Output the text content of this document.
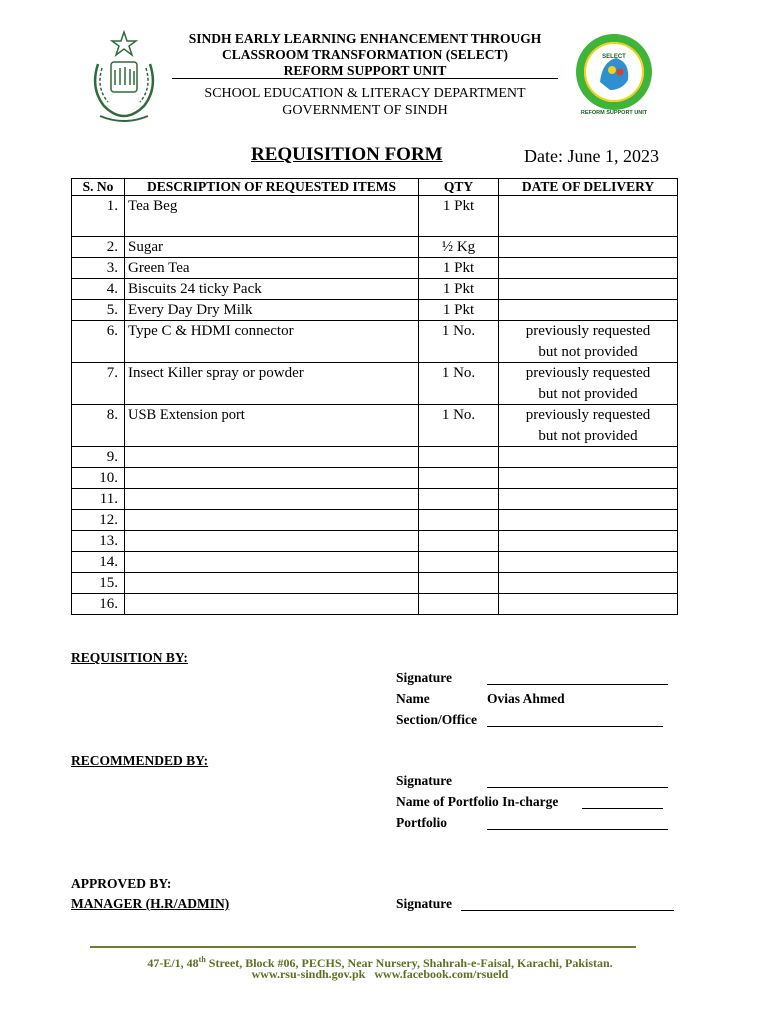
SINDH EARLY LEARNING ENHANCEMENT THROUGH
CLASSROOM TRANSFORMATION (SELECT)
REFORM SUPPORT UNIT
SCHOOL EDUCATION & LITERACY DEPARTMENT
GOVERNMENT OF SINDH
SELECT
REFORM SUPPORT UNIT
REQUISITION FORM	Date: June 1, 2023
S. No	DESCRIPTION OF REQUESTED ITEMS	QTY	DATE OF DELIVERY
1.	Tea Beg	1 Pkt	
2.	Sugar	½ Kg	
3.	Green Tea	1 Pkt	
4.	Biscuits 24 ticky Pack	1 Pkt	
5.	Every Day Dry Milk	1 Pkt	
6.	Type C & HDMI connector	1 No.	previously requested
but not provided

7.	Insect Killer spray or powder	1 No.	previously requested
but not provided

8.	USB Extension port	1 No.	previously requested
but not provided

9.			
10.			
11.			
12.			
13.			
14.			
15.			
16.			
REQUISITION BY:
Signature
Name	Ovias Ahmed
Section/Office
RECOMMENDED BY:
Signature
Name of Portfolio In-charge
Portfolio
APPROVED BY:
MANAGER (H.R/ADMIN)	Signature
47-E/1, 48th Street, Block #06, PECHS, Near Nursery, Shahrah-e-Faisal, Karachi, Pakistan.
www.rsu-sindh.gov.pk www.facebook.com/rsueld
